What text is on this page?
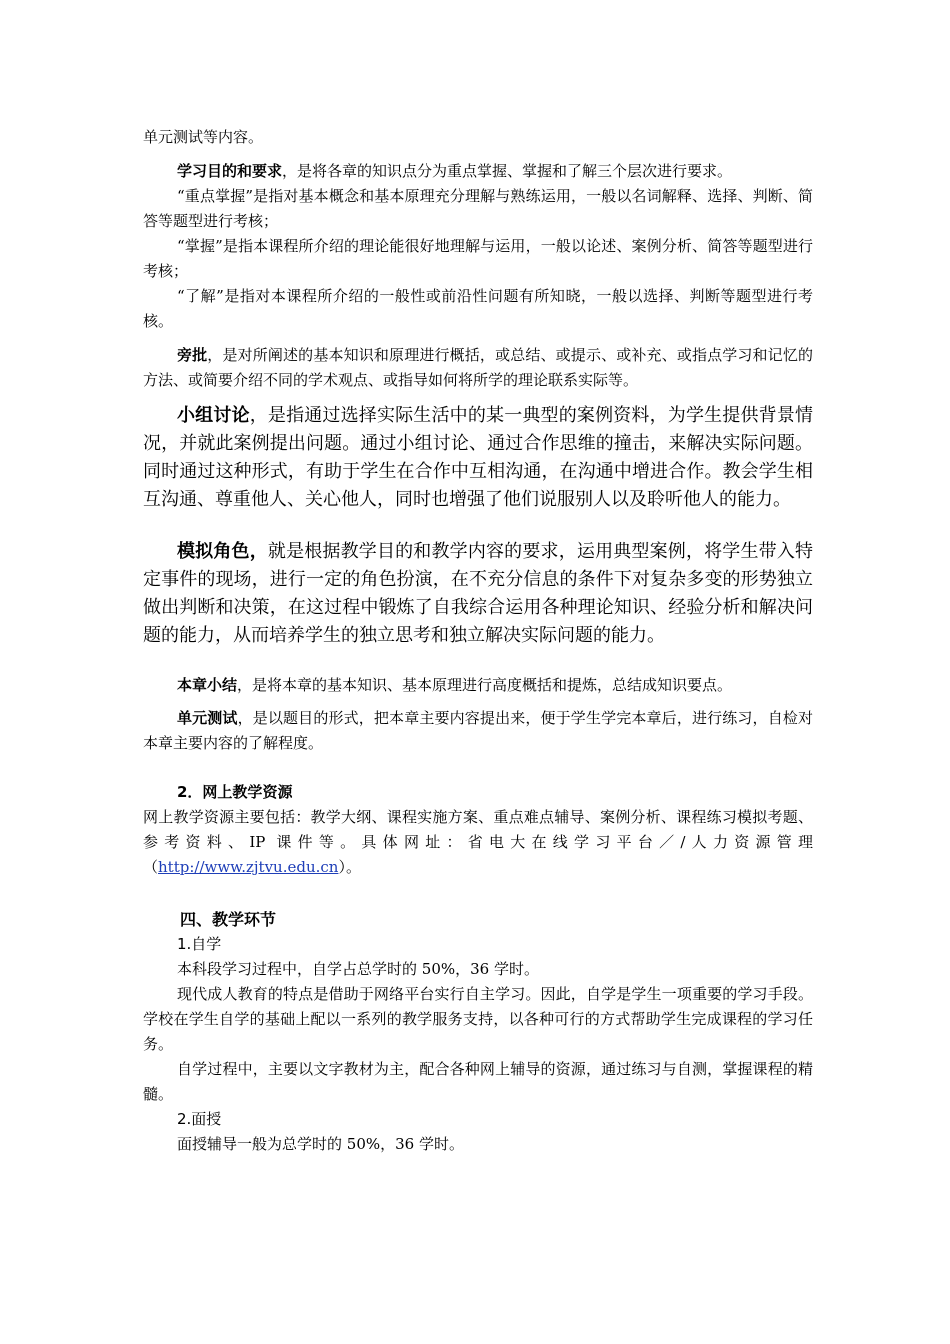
单元测试等内容。

学习目的和要求，是将各章的知识点分为重点掌握、掌握和了解三个层次进行要求。

“重点掌握”是指对基本概念和基本原理充分理解与熟练运用，一般以名词解释、选择、判断、简答等题型进行考核；

“掌握”是指本课程所介绍的理论能很好地理解与运用，一般以论述、案例分析、简答等题型进行考核；

“了解”是指对本课程所介绍的一般性或前沿性问题有所知晓，一般以选择、判断等题型进行考核。

旁批，是对所阐述的基本知识和原理进行概括，或总结、或提示、或补充、或指点学习和记忆的方法、或简要介绍不同的学术观点、或指导如何将所学的理论联系实际等。

小组讨论，是指通过选择实际生活中的某一典型的案例资料，为学生提供背景情况，并就此案例提出问题。通过小组讨论、通过合作思维的撞击，来解决实际问题。同时通过这种形式，有助于学生在合作中互相沟通，在沟通中增进合作。教会学生相互沟通、尊重他人、关心他人，同时也增强了他们说服别人以及聆听他人的能力。

模拟角色，就是根据教学目的和教学内容的要求，运用典型案例，将学生带入特定事件的现场，进行一定的角色扮演，在不充分信息的条件下对复杂多变的形势独立做出判断和决策，在这过程中锻炼了自我综合运用各种理论知识、经验分析和解决问题的能力，从而培养学生的独立思考和独立解决实际问题的能力。

本章小结，是将本章的基本知识、基本原理进行高度概括和提炼，总结成知识要点。

单元测试，是以题目的形式，把本章主要内容提出来，便于学生学完本章后，进行练习，自检对本章主要内容的了解程度。

2．网上教学资源

网上教学资源主要包括：教学大纲、课程实施方案、重点难点辅导、案例分析、课程练习模拟考题、参考资料、IP 课件等。具体网址：省电大在线学习平台／/人力资源管理（http://www.zjtvu.edu.cn）。

四、教学环节

1.自学

本科段学习过程中，自学占总学时的 50%，36 学时。

现代成人教育的特点是借助于网络平台实行自主学习。因此，自学是学生一项重要的学习手段。学校在学生自学的基础上配以一系列的教学服务支持，以各种可行的方式帮助学生完成课程的学习任务。

自学过程中，主要以文字教材为主，配合各种网上辅导的资源，通过练习与自测，掌握课程的精髓。

2.面授

面授辅导一般为总学时的 50%，36 学时。
